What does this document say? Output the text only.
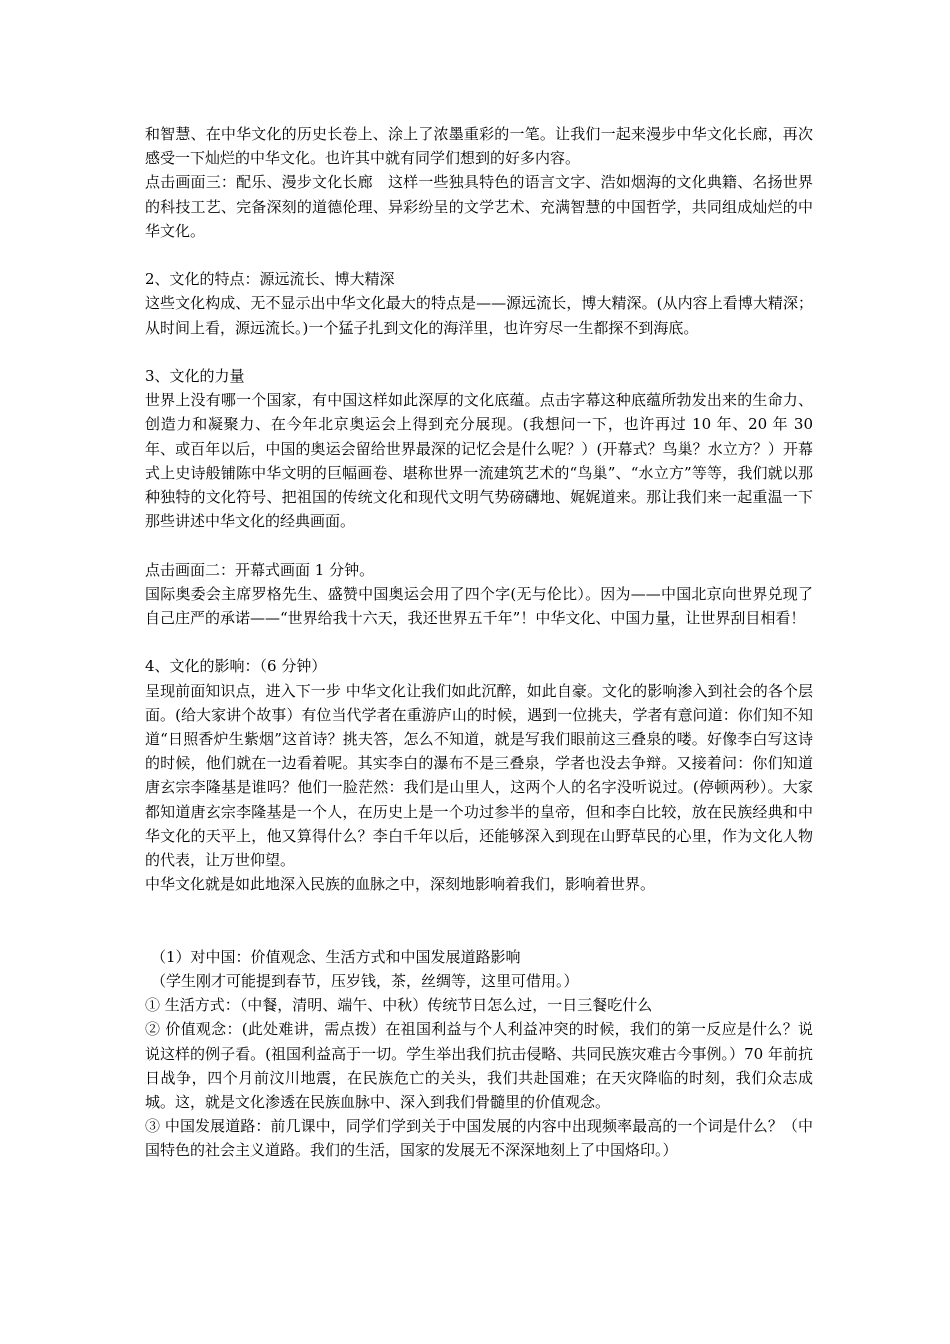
和智慧、在中华文化的历史长卷上、涂上了浓墨重彩的一笔。让我们一起来漫步中华文化长廊，再次感受一下灿烂的中华文化。也许其中就有同学们想到的好多内容。

点击画面三：配乐、漫步文化长廊　这样一些独具特色的语言文字、浩如烟海的文化典籍、名扬世界的科技工艺、完备深刻的道德伦理、异彩纷呈的文学艺术、充满智慧的中国哲学，共同组成灿烂的中华文化。

2、文化的特点：源远流长、博大精深

这些文化构成、无不显示出中华文化最大的特点是——源远流长，博大精深。(从内容上看博大精深；从时间上看，源远流长。)一个猛子扎到文化的海洋里，也许穷尽一生都探不到海底。

3、文化的力量

世界上没有哪一个国家，有中国这样如此深厚的文化底蕴。点击字幕这种底蕴所勃发出来的生命力、创造力和凝聚力、在今年北京奥运会上得到充分展现。(我想问一下，也许再过 10 年、20 年 30 年、或百年以后，中国的奥运会留给世界最深的记忆会是什么呢？）(开幕式？鸟巢？水立方？）开幕式上史诗般铺陈中华文明的巨幅画卷、堪称世界一流建筑艺术的“鸟巢”、“水立方”等等，我们就以那种独特的文化符号、把祖国的传统文化和现代文明气势磅礴地、娓娓道来。那让我们来一起重温一下那些讲述中华文化的经典画面。

点击画面二：开幕式画面 1 分钟。

国际奥委会主席罗格先生、盛赞中国奥运会用了四个字(无与伦比）。因为——中国北京向世界兑现了自己庄严的承诺——“世界给我十六天，我还世界五千年”！中华文化、中国力量，让世界刮目相看！

4、文化的影响：（6 分钟）

呈现前面知识点，进入下一步 中华文化让我们如此沉醉，如此自豪。文化的影响渗入到社会的各个层面。(给大家讲个故事）有位当代学者在重游庐山的时候，遇到一位挑夫，学者有意问道：你们知不知道“日照香炉生紫烟”这首诗？挑夫答，怎么不知道，就是写我们眼前这三叠泉的喽。好像李白写这诗的时候，他们就在一边看着呢。其实李白的瀑布不是三叠泉，学者也没去争辩。又接着问：你们知道唐玄宗李隆基是谁吗？他们一脸茫然：我们是山里人，这两个人的名字没听说过。(停顿两秒）。大家都知道唐玄宗李隆基是一个人，在历史上是一个功过参半的皇帝，但和李白比较，放在民族经典和中华文化的天平上，他又算得什么？李白千年以后，还能够深入到现在山野草民的心里，作为文化人物的代表，让万世仰望。

中华文化就是如此地深入民族的血脉之中，深刻地影响着我们，影响着世界。

（1）对中国：价值观念、生活方式和中国发展道路影响

（学生刚才可能提到春节，压岁钱，茶，丝绸等，这里可借用。）

① 生活方式：（中餐，清明、端午、中秋）传统节日怎么过，一日三餐吃什么

② 价值观念：(此处难讲，需点拨）在祖国利益与个人利益冲突的时候，我们的第一反应是什么？说说这样的例子看。(祖国利益高于一切。学生举出我们抗击侵略、共同民族灾难古今事例。）70 年前抗日战争，四个月前汶川地震，在民族危亡的关头，我们共赴国难；在天灾降临的时刻，我们众志成城。这，就是文化渗透在民族血脉中、深入到我们骨髓里的价值观念。

③ 中国发展道路：前几课中，同学们学到关于中国发展的内容中出现频率最高的一个词是什么？（中国特色的社会主义道路。我们的生活，国家的发展无不深深地刻上了中国烙印。）
